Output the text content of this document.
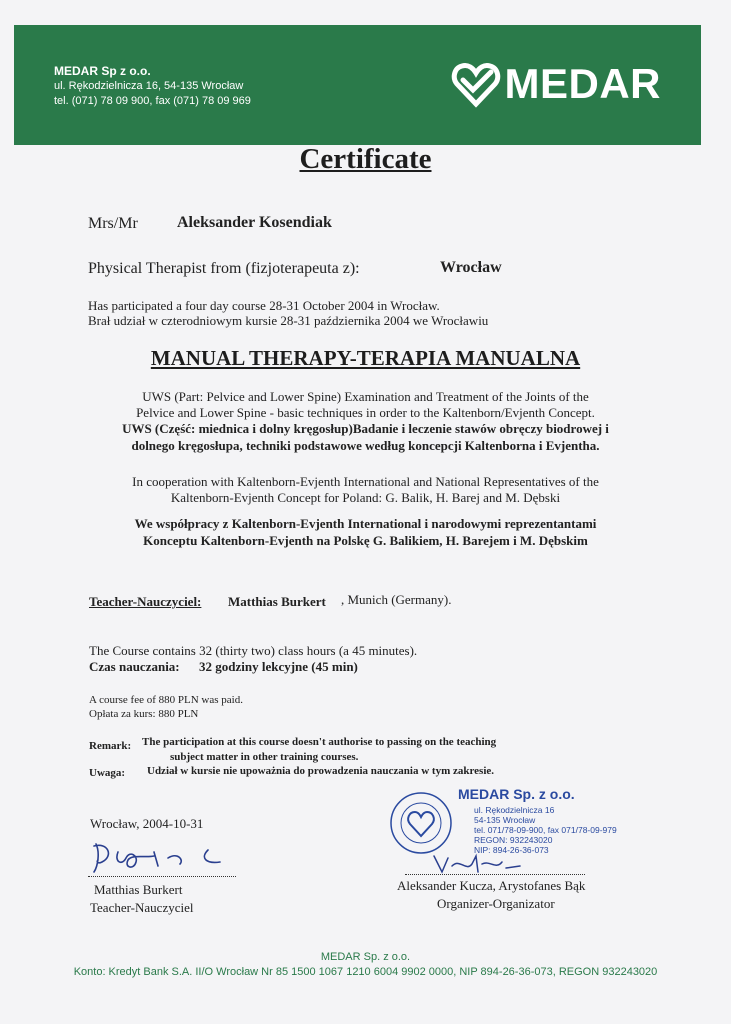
MEDAR Sp z o.o.
ul. Rękodzielnicza 16, 54-135 Wrocław
tel. (071) 78 09 900, fax (071) 78 09 969	MEDAR
Certificate
Mrs/Mr Aleksander Kosendiak
Physical Therapist from (fizjoterapeuta z):	Wrocław
Has participated a four day course 28-31 October 2004 in Wrocław.
Brał udział w czterodniowym kursie 28-31 października 2004 we Wrocławiu
MANUAL THERAPY-TERAPIA MANUALNA
UWS (Part: Pelvice and Lower Spine) Examination and Treatment of the Joints of the
Pelvice and Lower Spine - basic techniques in order to the Kaltenborn/Evjenth Concept.
UWS (Część: miednica i dolny kręgosłup)Badanie i leczenie stawów obręczy biodrowej i
dolnego kręgosłupa, techniki podstawowe według koncepcji Kaltenborna i Evjentha.
In cooperation with Kaltenborn-Evjenth International and National Representatives of the
Kaltenborn-Evjenth Concept for Poland: G. Balik, H. Barej and M. Dębski
We współpracy z Kaltenborn-Evjenth International i narodowymi reprezentantami
Konceptu Kaltenborn-Evjenth na Polskę G. Balikiem, H. Barejem i M. Dębskim
Teacher-Nauczyciel: Matthias Burkert , Munich (Germany).
The Course contains 32 (thirty two) class hours (a 45 minutes).
Czas nauczania: 32 godziny lekcyjne (45 min)
A course fee of 880 PLN was paid.
Opłata za kurs: 880 PLN
Remark: The participation at this course doesn't authorise to passing on the teaching
subject matter in other training courses.
Uwaga: Udział w kursie nie upoważnia do prowadzenia nauczania w tym zakresie.
Wrocław, 2004-10-31
Matthias Burkert
Teacher-Nauczyciel
MEDAR Sp. z o.o.
ul. Rękodzielnicza 16
54-135 Wrocław
tel. 071/78-09-900, fax 071/78-09-979
REGON: 932243020
NIP: 894-26-36-073
Aleksander Kucza, Arystofanes Bąk
Organizer-Organizator
MEDAR Sp. z o.o.
Konto: Kredyt Bank S.A. II/O Wrocław Nr 85 1500 1067 1210 6004 9902 0000, NIP 894-26-36-073, REGON 932243020
